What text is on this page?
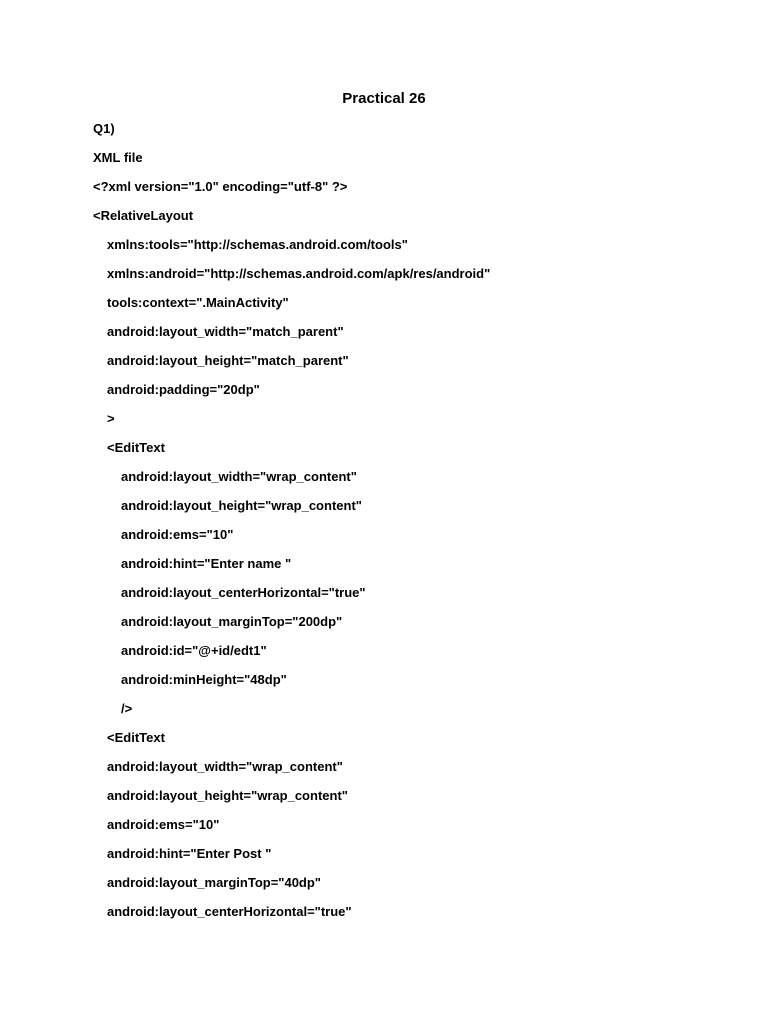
Practical 26
Q1)
XML file
<?xml version="1.0" encoding="utf-8" ?>
<RelativeLayout
xmlns:tools="http://schemas.android.com/tools"
xmlns:android="http://schemas.android.com/apk/res/android"
tools:context=".MainActivity"
android:layout_width="match_parent"
android:layout_height="match_parent"
android:padding="20dp"
>
<EditText
android:layout_width="wrap_content"
android:layout_height="wrap_content"
android:ems="10"
android:hint="Enter name "
android:layout_centerHorizontal="true"
android:layout_marginTop="200dp"
android:id="@+id/edt1"
android:minHeight="48dp"
/>
<EditText
android:layout_width="wrap_content"
android:layout_height="wrap_content"
android:ems="10"
android:hint="Enter Post "
android:layout_marginTop="40dp"
android:layout_centerHorizontal="true"
